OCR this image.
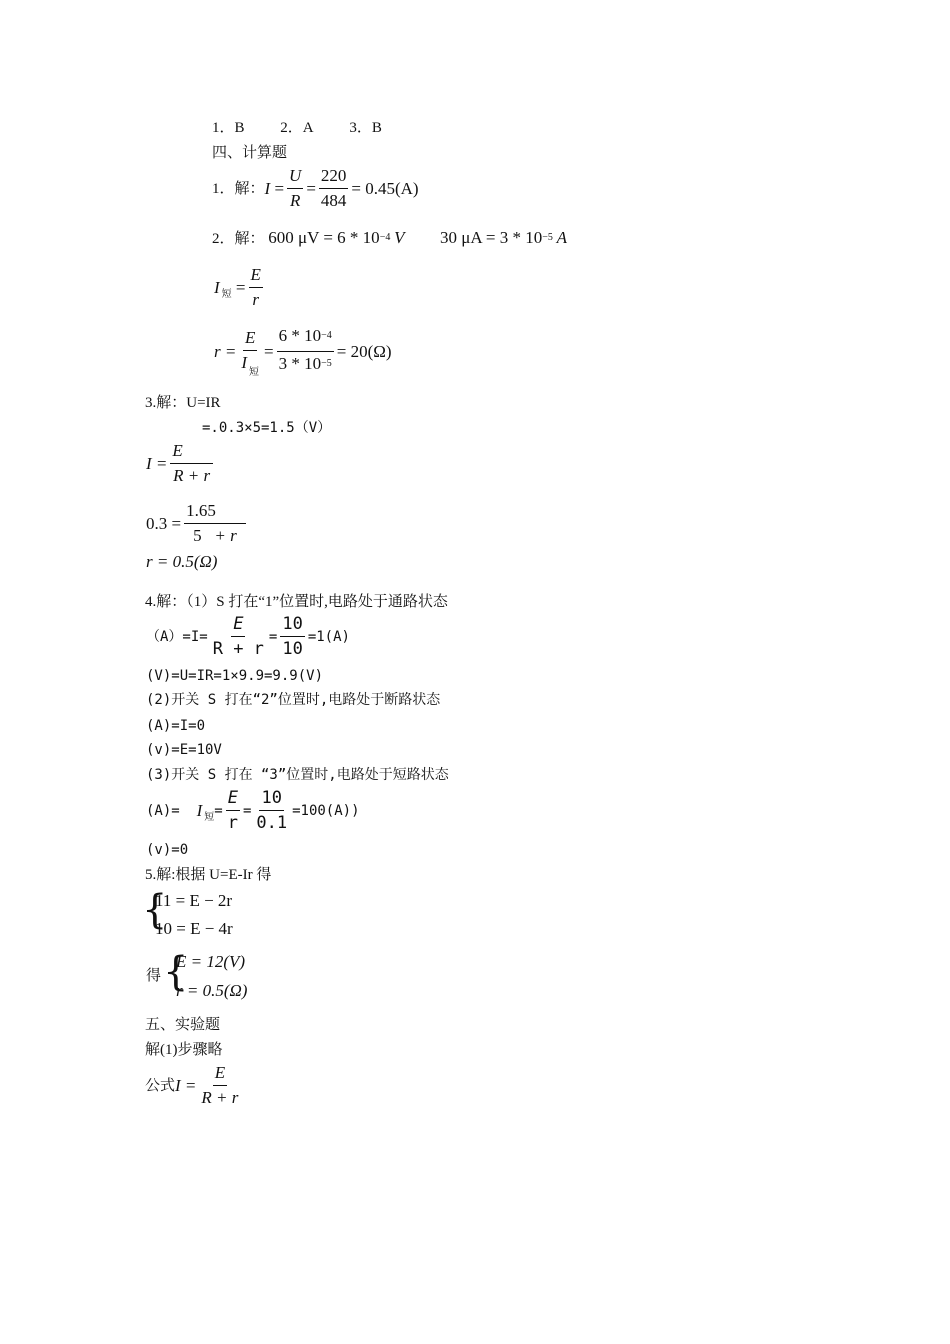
1．B 2．A 3．B
四、计算题
1．解： $I = \frac{U}{R} = \frac{220}{484} = 0.45(A)$
2．解： 600 $\mu V = 6 * 10^{-4}$ V 30 $\mu A = 3 * 10^{-5}$ A
I 短 = $\frac{E}{r}$
$r = \frac{E}{I_短} = \frac{6 * 10-4}{3 * 10-5} = 20(\Omega)$
3.解：U=IR
=.0.3×5=1.5（V）
$I = \frac{E}{R + r}$
$0.3 = \frac{1.65}{5 + r}$
r = 0.5(Ω)
4.解：（1）S 打在“1”位置时,电路处于通路状态
$(A)=I= \frac{E}{R + r} = \frac{10}{10} =1(A)$
(V)=U=IR=1×9.9=9.9(V)
(2)开关 S 打在“2”位置时,电路处于断路状态
(A)=I=0
(v)=E=10V
(3)开关 S 打在 “3”位置时,电路处于短路状态
(A)=
I 短 = $\frac{E}{r} = \frac{10}{0.1} =100(A)$)
(v)=0
5.解:根据 U=E-Ir 得
{
11 = E − 2r
10 = E − 4r
得 {
E = 12(V)
r = 0.5(Ω)
五、实验题
解(1)步骤略
公式 $I = \frac{E}{R + r}$
